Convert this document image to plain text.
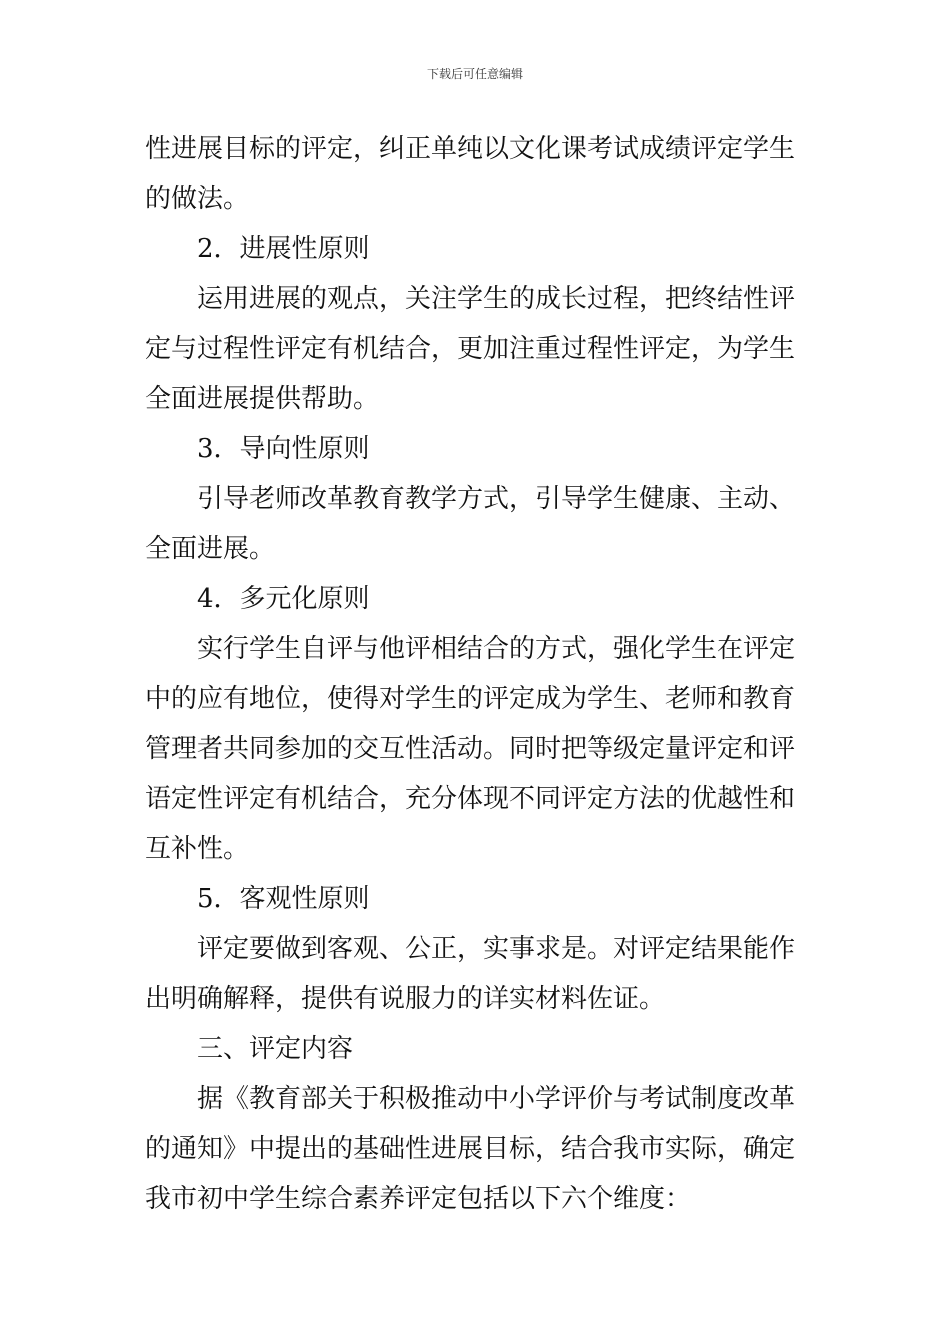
下载后可任意编辑
性进展目标的评定，纠正单纯以文化课考试成绩评定学生
的做法。
2．进展性原则
运用进展的观点，关注学生的成长过程，把终结性评
定与过程性评定有机结合，更加注重过程性评定，为学生
全面进展提供帮助。
3．导向性原则
引导老师改革教育教学方式，引导学生健康、主动、
全面进展。
4．多元化原则
实行学生自评与他评相结合的方式，强化学生在评定
中的应有地位，使得对学生的评定成为学生、老师和教育
管理者共同参加的交互性活动。同时把等级定量评定和评
语定性评定有机结合，充分体现不同评定方法的优越性和
互补性。
5．客观性原则
评定要做到客观、公正，实事求是。对评定结果能作
出明确解释，提供有说服力的详实材料佐证。
三、评定内容
据《教育部关于积极推动中小学评价与考试制度改革
的通知》中提出的基础性进展目标，结合我市实际，确定
我市初中学生综合素养评定包括以下六个维度：
